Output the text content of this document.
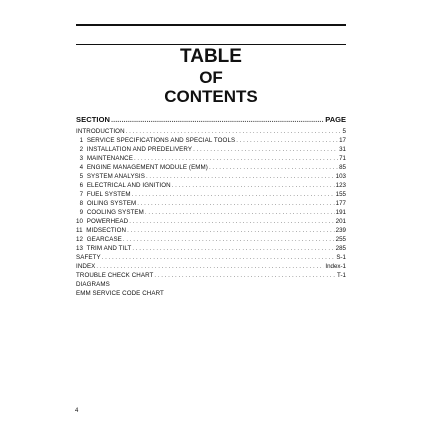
TABLE
OF
CONTENTS
SECTION .....	PAGE
INTRODUCTION . . .	5
1  SERVICE SPECIFICATIONS AND SPECIAL TOOLS . . .	17
2  INSTALLATION AND PREDELIVERY . . .	31
3  MAINTENANCE . . .	71
4  ENGINE MANAGEMENT MODULE (EMM) . . .	85
5  SYSTEM ANALYSIS . . .	103
6  ELECTRICAL AND IGNITION . . .	123
7  FUEL SYSTEM . . .	155
8  OILING SYSTEM . . .	177
9  COOLING SYSTEM . . .	191
10  POWERHEAD . . .	201
11  MIDSECTION . . .	239
12  GEARCASE . . .	255
13  TRIM AND TILT . . .	285
SAFETY . . .	S-1
INDEX . . .	Index-1
TROUBLE CHECK CHART . . .	T-1
DIAGRAMS
EMM SERVICE CODE CHART
4
